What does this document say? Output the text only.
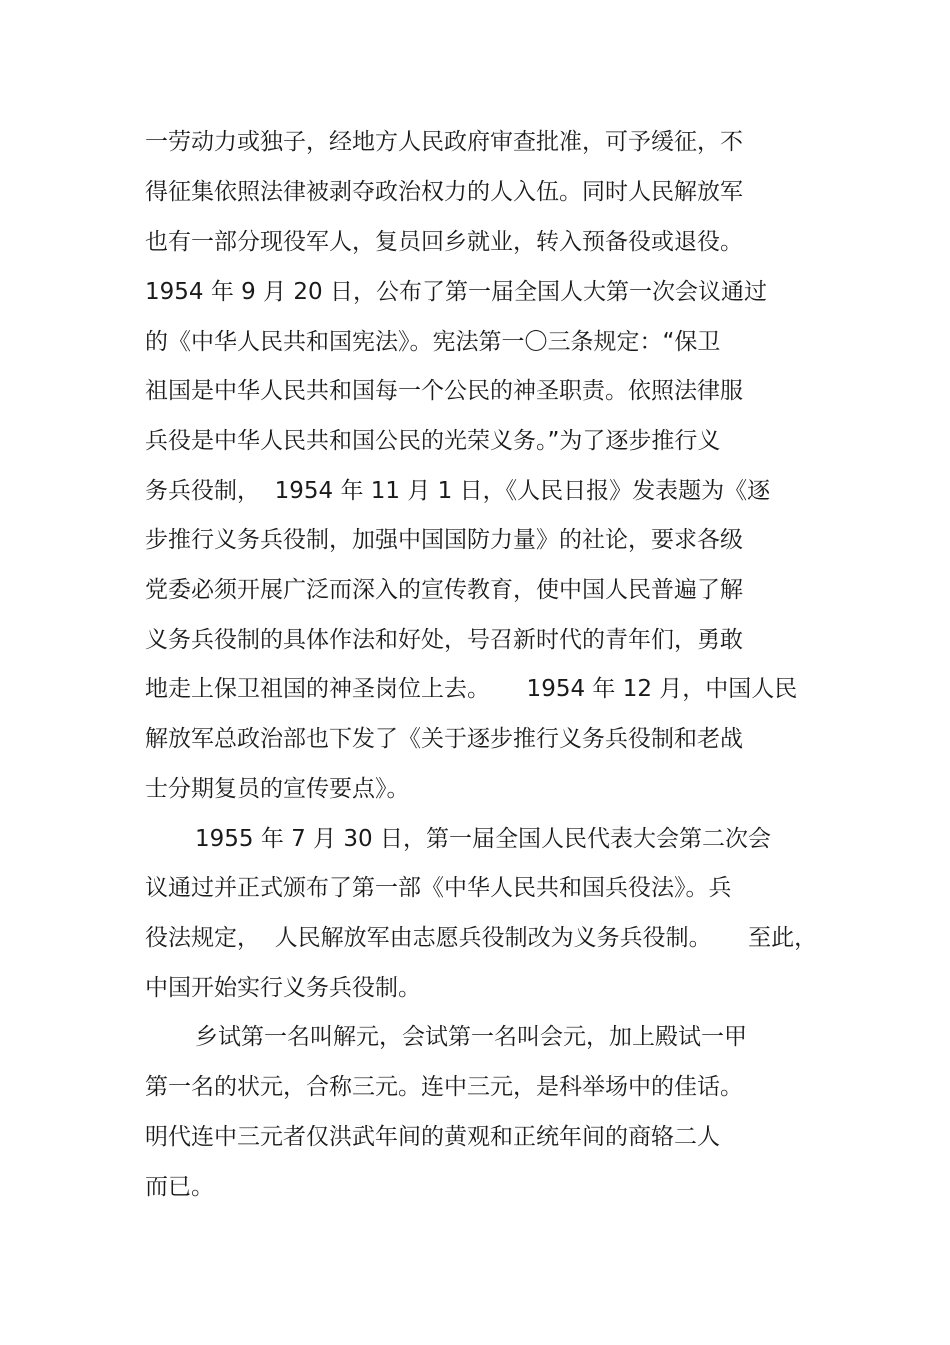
一劳动力或独子，经地方人民政府审查批准，可予缓征，不
得征集依照法律被剥夺政治权力的人入伍。同时人民解放军
也有一部分现役军人，复员回乡就业，转入预备役或退役。
1954 年 9 月 20 日，公布了第一届全国人大第一次会议通过
的《中华人民共和国宪法》。宪法第一〇三条规定：“保卫
祖国是中华人民共和国每一个公民的神圣职责。依照法律服
兵役是中华人民共和国公民的光荣义务。”为了逐步推行义
务兵役制，  1954 年 11 月 1 日，《人民日报》发表题为《逐
步推行义务兵役制，加强中国国防力量》的社论，要求各级
党委必须开展广泛而深入的宣传教育，使中国人民普遍了解
义务兵役制的具体作法和好处，号召新时代的青年们，勇敢
地走上保卫祖国的神圣岗位上去。     1954 年 12 月，中国人民
解放军总政治部也下发了《关于逐步推行义务兵役制和老战
士分期复员的宣传要点》。
1955 年 7 月 30 日，第一届全国人民代表大会第二次会
议通过并正式颁布了第一部《中华人民共和国兵役法》。兵
役法规定，  人民解放军由志愿兵役制改为义务兵役制。     至此，
中国开始实行义务兵役制。
乡试第一名叫解元，会试第一名叫会元，加上殿试一甲
第一名的状元，合称三元。连中三元，是科举场中的佳话。
明代连中三元者仅洪武年间的黄观和正统年间的商辂二人
而已。
